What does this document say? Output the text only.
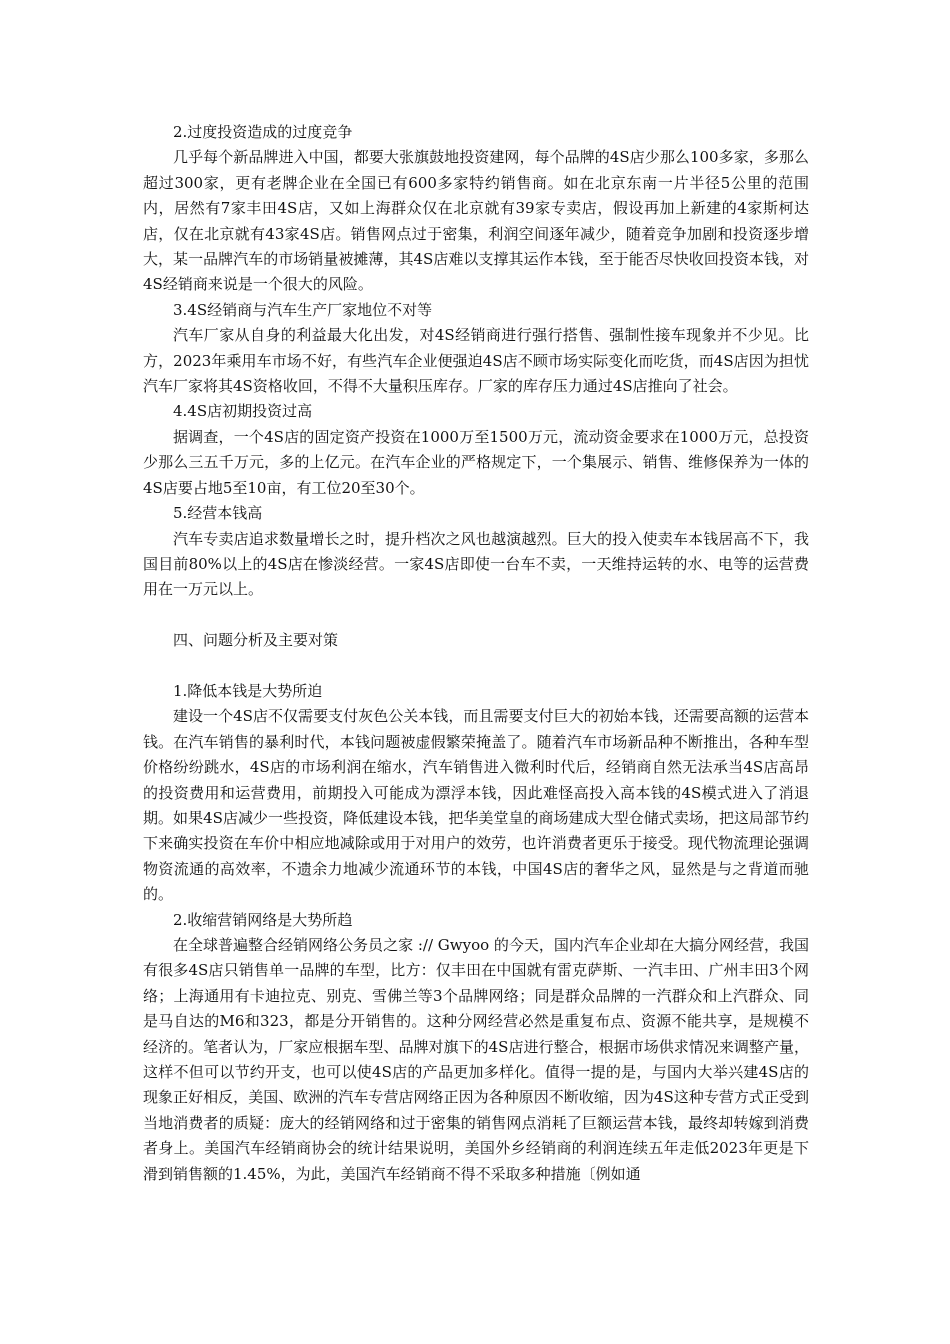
2.过度投资造成的过度竞争

几乎每个新品牌进入中国，都要大张旗鼓地投资建网，每个品牌的4S店少那么100多家，多那么超过300家，更有老牌企业在全国已有600多家特约销售商。如在北京东南一片半径5公里的范围内，居然有7家丰田4S店，又如上海群众仅在北京就有39家专卖店，假设再加上新建的4家斯柯达店，仅在北京就有43家4S店。销售网点过于密集，利润空间逐年减少，随着竞争加剧和投资逐步增大，某一品牌汽车的市场销量被摊薄，其4S店难以支撑其运作本钱，至于能否尽快收回投资本钱，对4S经销商来说是一个很大的风险。

3.4S经销商与汽车生产厂家地位不对等

汽车厂家从自身的利益最大化出发，对4S经销商进行强行搭售、强制性接车现象并不少见。比方，2023年乘用车市场不好，有些汽车企业便强迫4S店不顾市场实际变化而吃货，而4S店因为担忧汽车厂家将其4S资格收回，不得不大量积压库存。厂家的库存压力通过4S店推向了社会。

4.4S店初期投资过高

据调查，一个4S店的固定资产投资在1000万至1500万元，流动资金要求在1000万元，总投资少那么三五千万元，多的上亿元。在汽车企业的严格规定下，一个集展示、销售、维修保养为一体的4S店要占地5至10亩，有工位20至30个。

5.经营本钱高

汽车专卖店追求数量增长之时，提升档次之风也越演越烈。巨大的投入使卖车本钱居高不下，我国目前80%以上的4S店在惨淡经营。一家4S店即使一台车不卖，一天维持运转的水、电等的运营费用在一万元以上。

四、问题分析及主要对策

1.降低本钱是大势所迫

建设一个4S店不仅需要支付灰色公关本钱，而且需要支付巨大的初始本钱，还需要高额的运营本钱。在汽车销售的暴利时代，本钱问题被虚假繁荣掩盖了。随着汽车市场新品种不断推出，各种车型价格纷纷跳水，4S店的市场利润在缩水，汽车销售进入微利时代后，经销商自然无法承当4S店高昂的投资费用和运营费用，前期投入可能成为漂浮本钱，因此难怪高投入高本钱的4S模式进入了消退期。如果4S店减少一些投资，降低建设本钱，把华美堂皇的商场建成大型仓储式卖场，把这局部节约下来确实投资在车价中相应地减除或用于对用户的效劳，也许消费者更乐于接受。现代物流理论强调物资流通的高效率，不遗余力地减少流通环节的本钱，中国4S店的奢华之风，显然是与之背道而驰的。

2.收缩营销网络是大势所趋

在全球普遍整合经销网络公务员之家 :// Gwyoo 的今天，国内汽车企业却在大搞分网经营，我国有很多4S店只销售单一品牌的车型，比方：仅丰田在中国就有雷克萨斯、一汽丰田、广州丰田3个网络；上海通用有卡迪拉克、别克、雪佛兰等3个品牌网络；同是群众品牌的一汽群众和上汽群众、同是马自达的M6和323，都是分开销售的。这种分网经营必然是重复布点、资源不能共享，是规模不经济的。笔者认为，厂家应根据车型、品牌对旗下的4S店进行整合，根据市场供求情况来调整产量，这样不但可以节约开支，也可以使4S店的产品更加多样化。值得一提的是，与国内大举兴建4S店的现象正好相反，美国、欧洲的汽车专营店网络正因为各种原因不断收缩，因为4S这种专营方式正受到当地消费者的质疑：庞大的经销网络和过于密集的销售网点消耗了巨额运营本钱，最终却转嫁到消费者身上。美国汽车经销商协会的统计结果说明，美国外乡经销商的利润连续五年走低2023年更是下滑到销售额的1.45%，为此，美国汽车经销商不得不采取多种措施〔例如通
